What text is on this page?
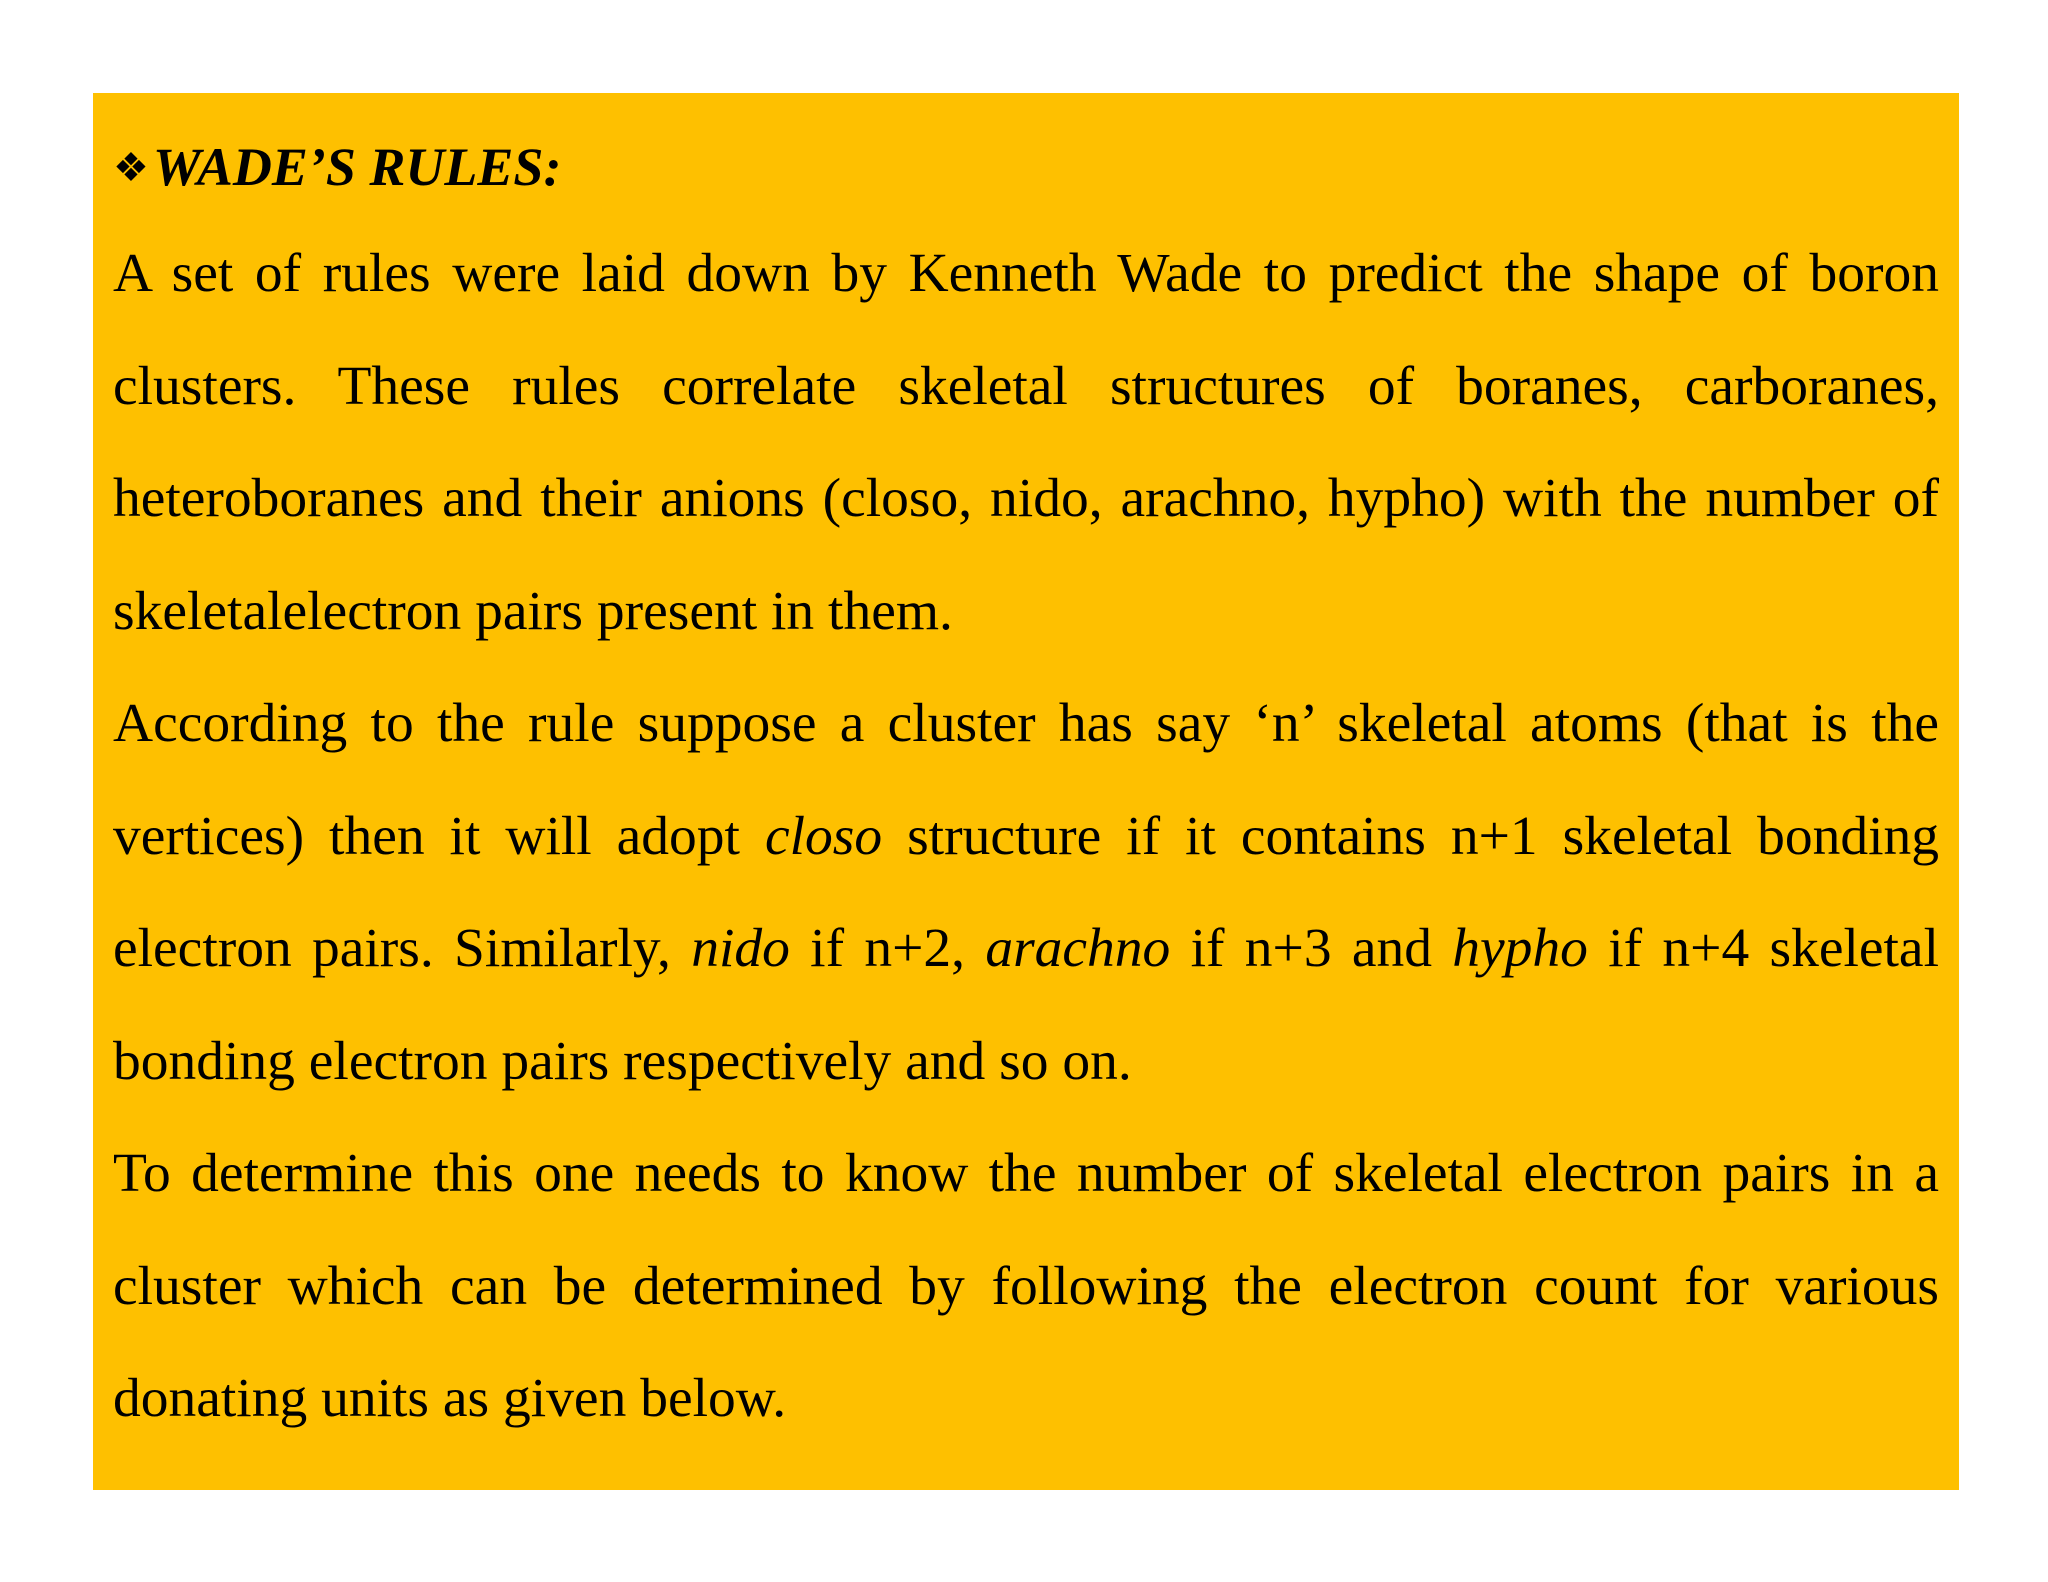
❖WADE’S RULES:

A set of rules were laid down by Kenneth Wade to predict the shape of boron clusters. These rules correlate skeletal structures of boranes, carboranes, heteroboranes and their anions (closo, nido, arachno, hypho) with the number of skeletalelectron pairs present in them.

According to the rule suppose a cluster has say ‘n’ skeletal atoms (that is the vertices) then it will adopt closo structure if it contains n+1 skeletal bonding electron pairs. Similarly, nido if n+2, arachno if n+3 and hypho if n+4 skeletal bonding electron pairs respectively and so on.

To determine this one needs to know the number of skeletal electron pairs in a cluster which can be determined by following the electron count for various donating units as given below.
